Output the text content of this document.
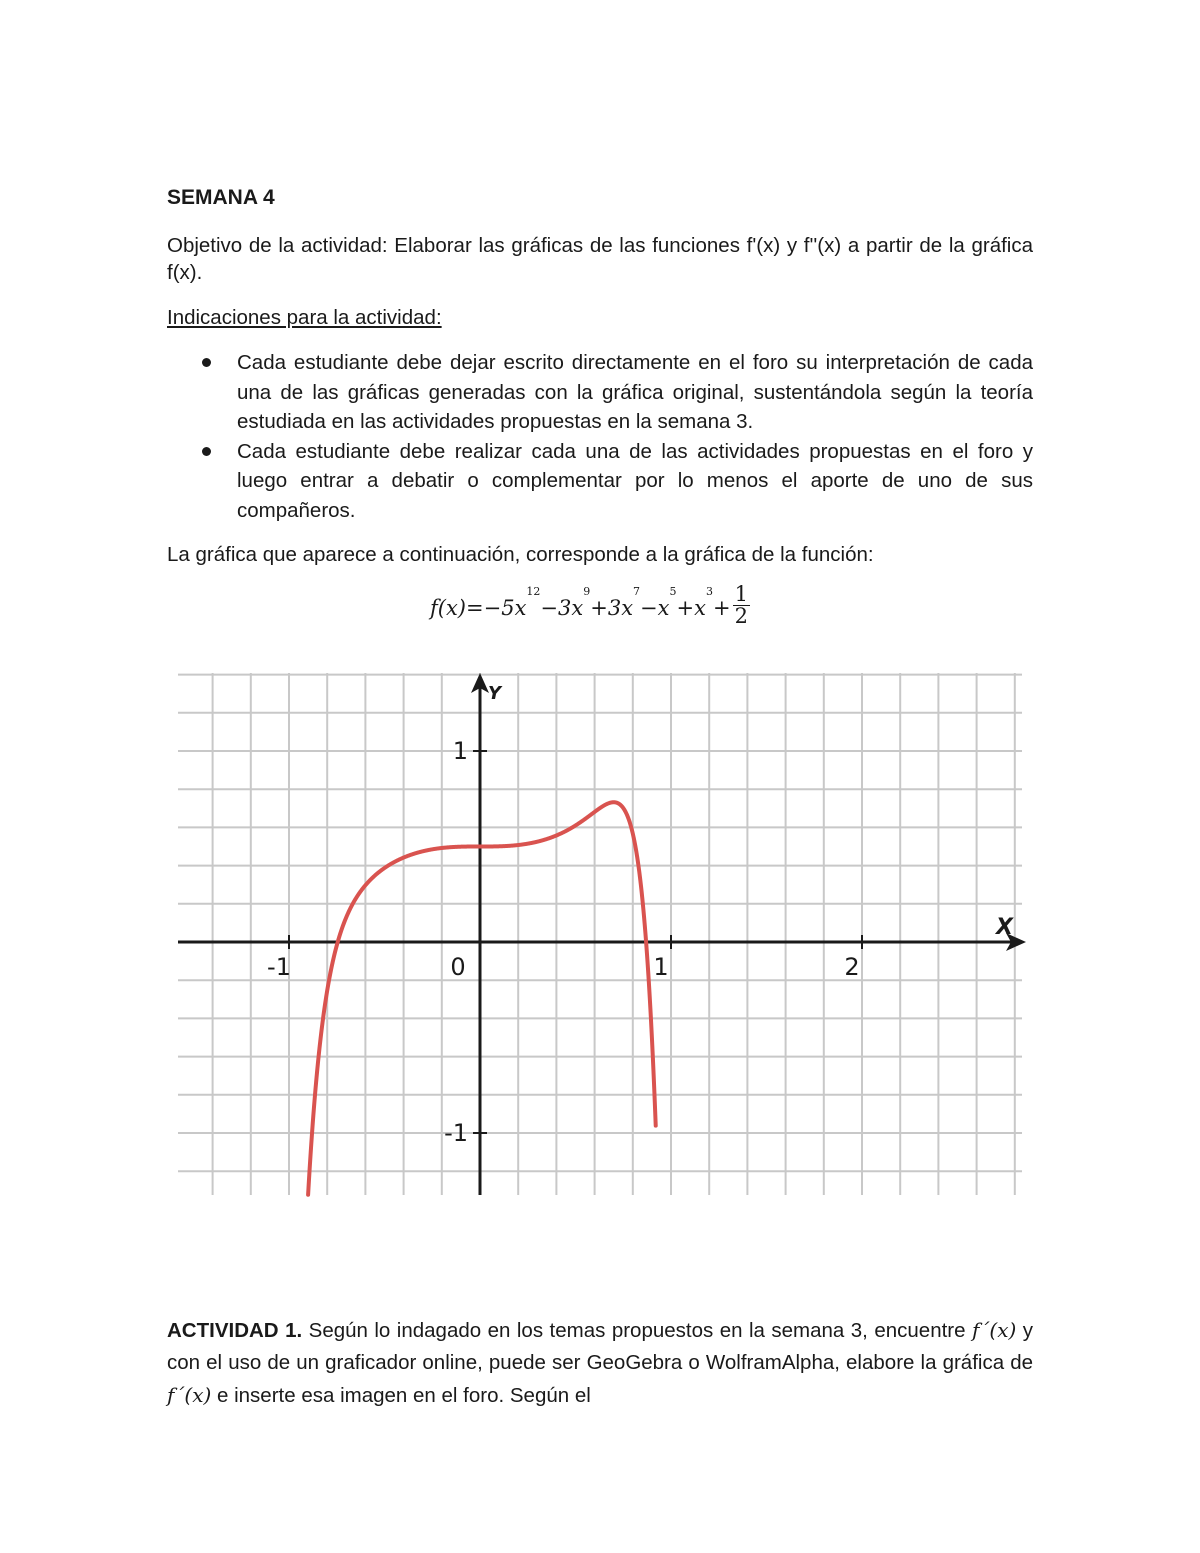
SEMANA 4
Objetivo de la actividad: Elaborar las gráficas de las funciones f'(x) y f''(x) a partir de la gráfica f(x).
Indicaciones para la actividad:
Cada estudiante debe dejar escrito directamente en el foro su interpretación de cada una de las gráficas generadas con la gráfica original, sustentándola según la teoría estudiada en las actividades propuestas en la semana 3.
Cada estudiante debe realizar cada una de las actividades propuestas en el foro y luego entrar a debatir o complementar por lo menos el aporte de uno de sus compañeros.
La gráfica que aparece a continuación, corresponde a la gráfica de la función:
$f(x)=-5x^{12}-3x^9+3x^7-x^5+x^3+ \frac{1}{2}$
-1	0	1	2
1
-1
X
Y
ACTIVIDAD 1. Según lo indagado en los temas propuestos en la semana 3, encuentre f´(x) y con el uso de un graficador online, puede ser GeoGebra o WolframAlpha, elabore la gráfica de f´(x) e inserte esa imagen en el foro. Según el
